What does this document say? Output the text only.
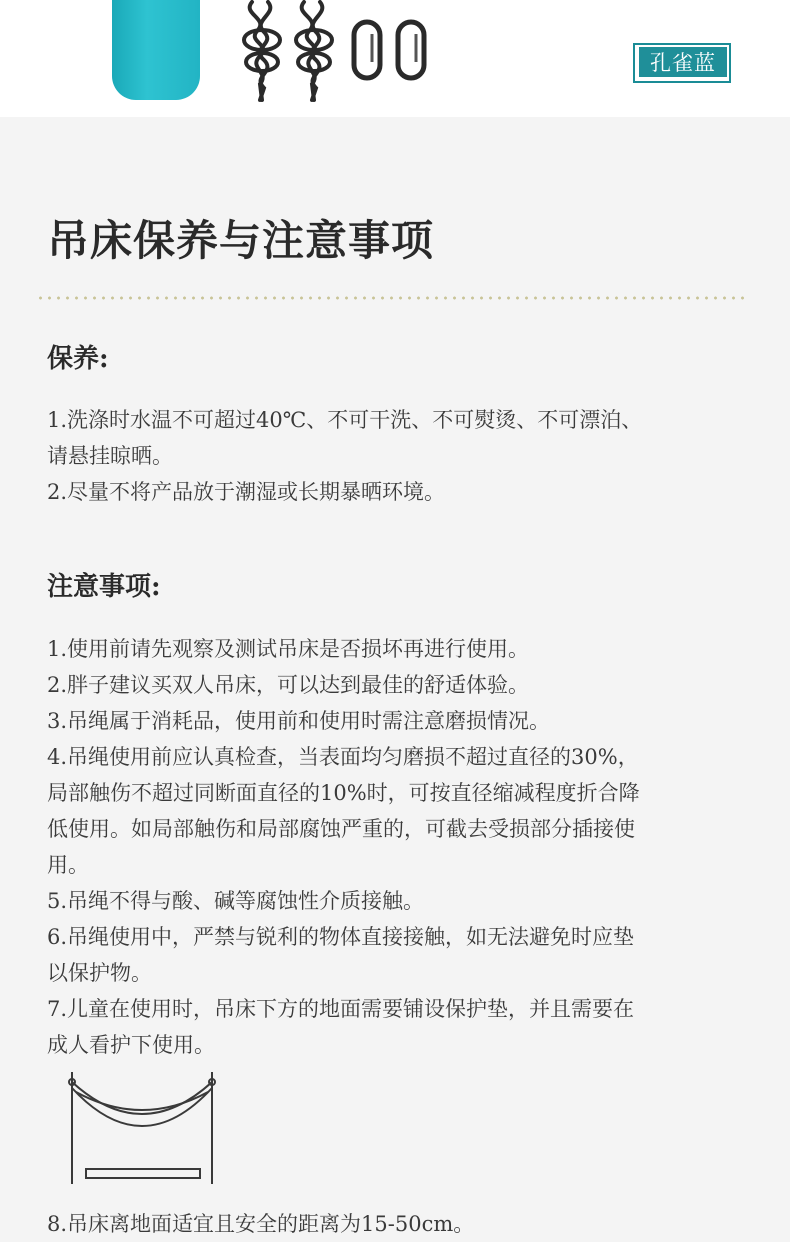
孔雀蓝
吊床保养与注意事项
保养:
1.洗涤时水温不可超过40℃、不可干洗、不可熨烫、不可漂泊、
请悬挂晾晒。
2.尽量不将产品放于潮湿或长期暴晒环境。
注意事项:
1.使用前请先观察及测试吊床是否损坏再进行使用。
2.胖子建议买双人吊床，可以达到最佳的舒适体验。
3.吊绳属于消耗品，使用前和使用时需注意磨损情况。
4.吊绳使用前应认真检查，当表面均匀磨损不超过直径的30%，
局部触伤不超过同断面直径的10%时，可按直径缩减程度折合降
低使用。如局部触伤和局部腐蚀严重的，可截去受损部分插接使
用。
5.吊绳不得与酸、碱等腐蚀性介质接触。
6.吊绳使用中，严禁与锐利的物体直接接触，如无法避免时应垫
以保护物。
7.儿童在使用时，吊床下方的地面需要铺设保护垫，并且需要在
成人看护下使用。
8.吊床离地面适宜且安全的距离为15-50cm。
